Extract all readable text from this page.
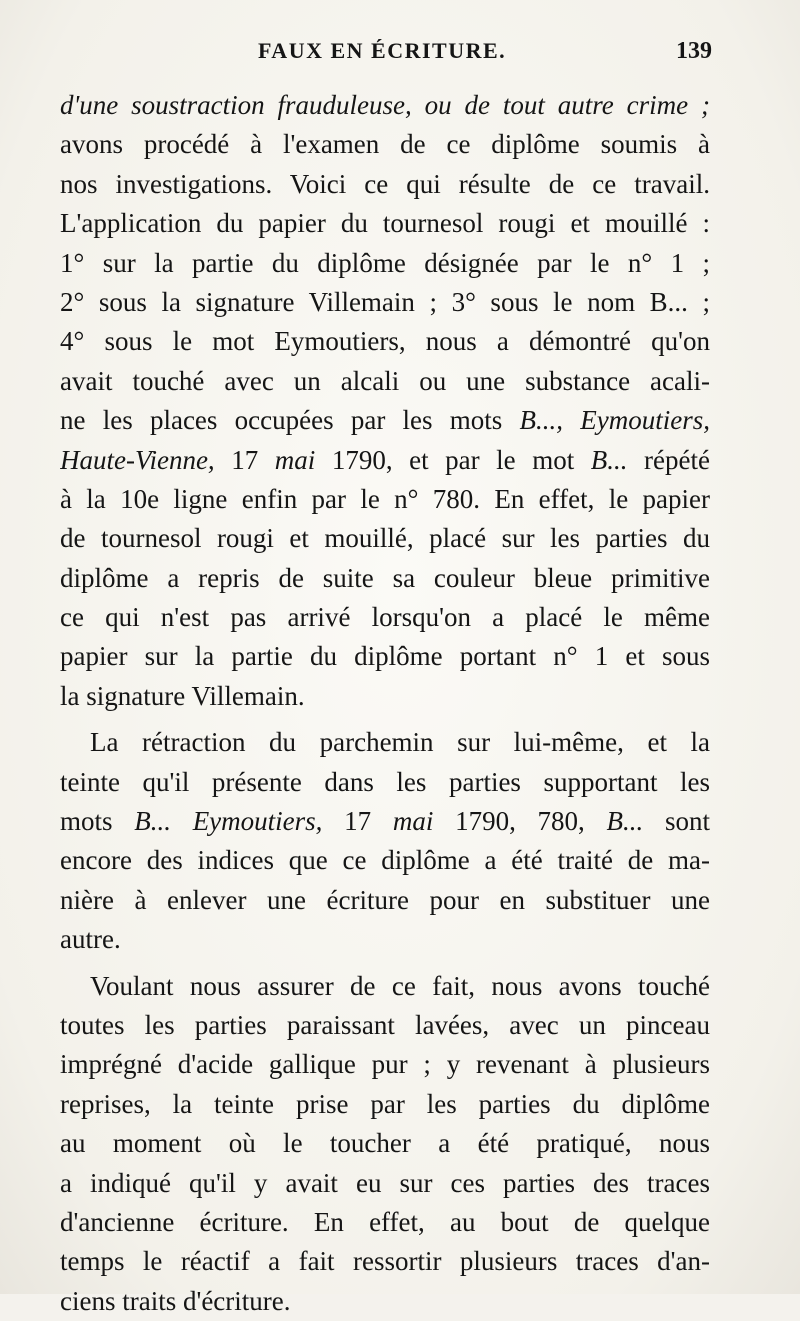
FAUX EN ÉCRITURE.	139
d'une soustraction frauduleuse, ou de tout autre crime ;
avons procédé à l'examen de ce diplôme soumis à
nos investigations. Voici ce qui résulte de ce travail.
L'application du papier du tournesol rougi et mouillé :
1° sur la partie du diplôme désignée par le n° 1 ;
2° sous la signature Villemain ; 3° sous le nom B... ;
4° sous le mot Eymoutiers, nous a démontré qu'on
avait touché avec un alcali ou une substance acali-
ne les places occupées par les mots B..., Eymoutiers,
Haute-Vienne, 17 mai 1790, et par le mot B... répété
à la 10e ligne enfin par le n° 780. En effet, le papier
de tournesol rougi et mouillé, placé sur les parties du
diplôme a repris de suite sa couleur bleue primitive
ce qui n'est pas arrivé lorsqu'on a placé le même
papier sur la partie du diplôme portant n° 1 et sous
la signature Villemain.
La rétraction du parchemin sur lui-même, et la
teinte qu'il présente dans les parties supportant les
mots B... Eymoutiers, 17 mai 1790, 780, B... sont
encore des indices que ce diplôme a été traité de ma-
nière à enlever une écriture pour en substituer une
autre.
Voulant nous assurer de ce fait, nous avons touché
toutes les parties paraissant lavées, avec un pinceau
imprégné d'acide gallique pur ; y revenant à plusieurs
reprises, la teinte prise par les parties du diplôme
au moment où le toucher a été pratiqué, nous
a indiqué qu'il y avait eu sur ces parties des traces
d'ancienne écriture. En effet, au bout de quelque
temps le réactif a fait ressortir plusieurs traces d'an-
ciens traits d'écriture.
